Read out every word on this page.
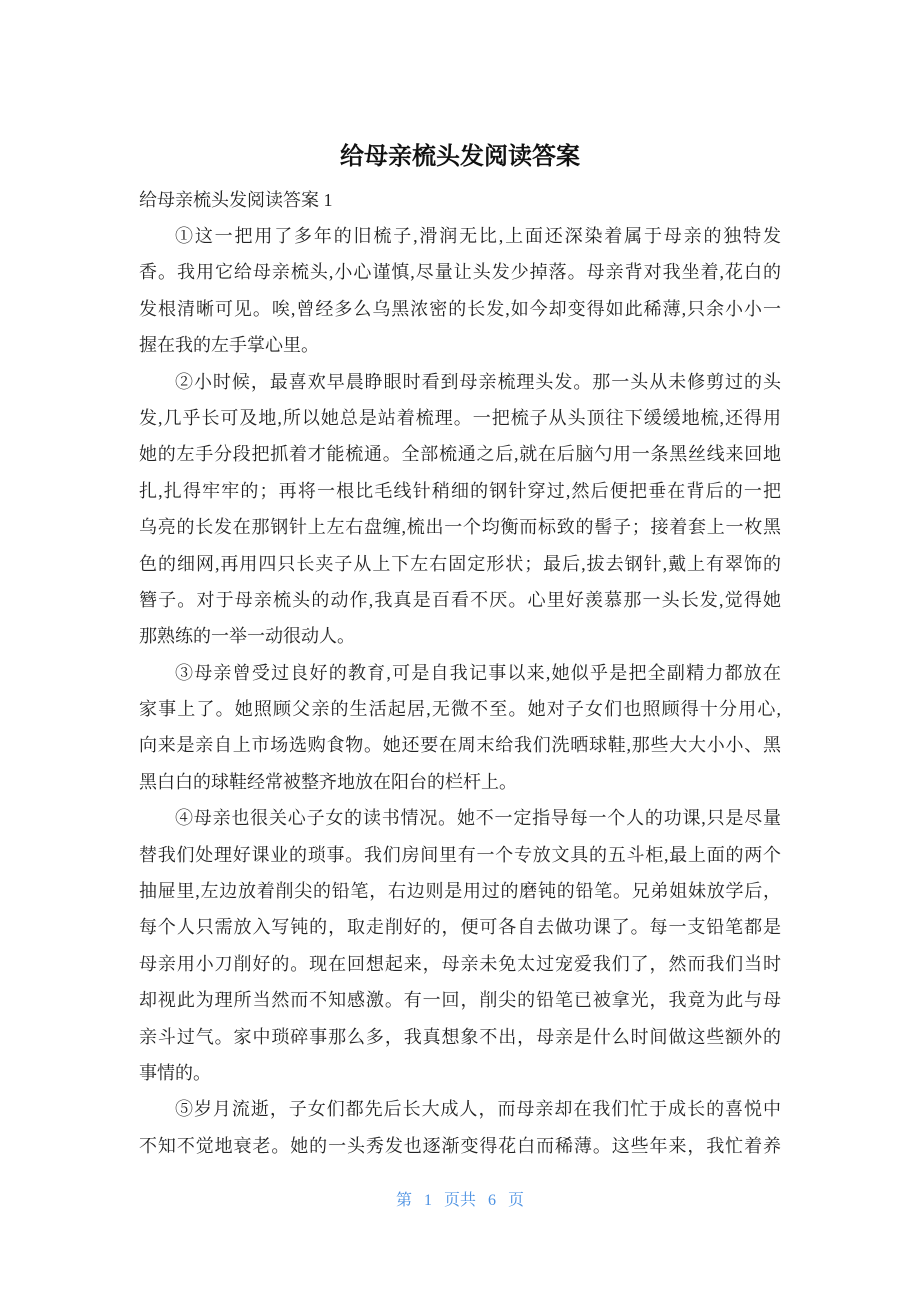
给母亲梳头发阅读答案
给母亲梳头发阅读答案 1
①这一把用了多年的旧梳子,滑润无比,上面还深染着属于母亲的独特发
香。我用它给母亲梳头,小心谨慎,尽量让头发少掉落。母亲背对我坐着,花白的
发根清晰可见。唉,曾经多么乌黑浓密的长发,如今却变得如此稀薄,只余小小一
握在我的左手掌心里。
②小时候，最喜欢早晨睁眼时看到母亲梳理头发。那一头从未修剪过的头
发,几乎长可及地,所以她总是站着梳理。一把梳子从头顶往下缓缓地梳,还得用
她的左手分段把抓着才能梳通。全部梳通之后,就在后脑勺用一条黑丝线来回地
扎,扎得牢牢的；再将一根比毛线针稍细的钢针穿过,然后便把垂在背后的一把
乌亮的长发在那钢针上左右盘缠,梳出一个均衡而标致的髻子；接着套上一枚黑
色的细网,再用四只长夹子从上下左右固定形状；最后,拔去钢针,戴上有翠饰的
簪子。对于母亲梳头的动作,我真是百看不厌。心里好羡慕那一头长发,觉得她
那熟练的一举一动很动人。
③母亲曾受过良好的教育,可是自我记事以来,她似乎是把全副精力都放在
家事上了。她照顾父亲的生活起居,无微不至。她对子女们也照顾得十分用心,
向来是亲自上市场选购食物。她还要在周末给我们洗晒球鞋,那些大大小小、黑
黑白白的球鞋经常被整齐地放在阳台的栏杆上。
④母亲也很关心子女的读书情况。她不一定指导每一个人的功课,只是尽量
替我们处理好课业的琐事。我们房间里有一个专放文具的五斗柜,最上面的两个
抽屉里,左边放着削尖的铅笔，右边则是用过的磨钝的铅笔。兄弟姐妹放学后，
每个人只需放入写钝的，取走削好的，便可各自去做功课了。每一支铅笔都是
母亲用小刀削好的。现在回想起来，母亲未免太过宠爱我们了，然而我们当时
却视此为理所当然而不知感激。有一回，削尖的铅笔已被拿光，我竟为此与母
亲斗过气。家中琐碎事那么多，我真想象不出，母亲是什么时间做这些额外的
事情的。
⑤岁月流逝，子女们都先后长大成人，而母亲却在我们忙于成长的喜悦中
不知不觉地衰老。她的一头秀发也逐渐变得花白而稀薄。这些年来，我忙着养
第 1 页共 6 页
